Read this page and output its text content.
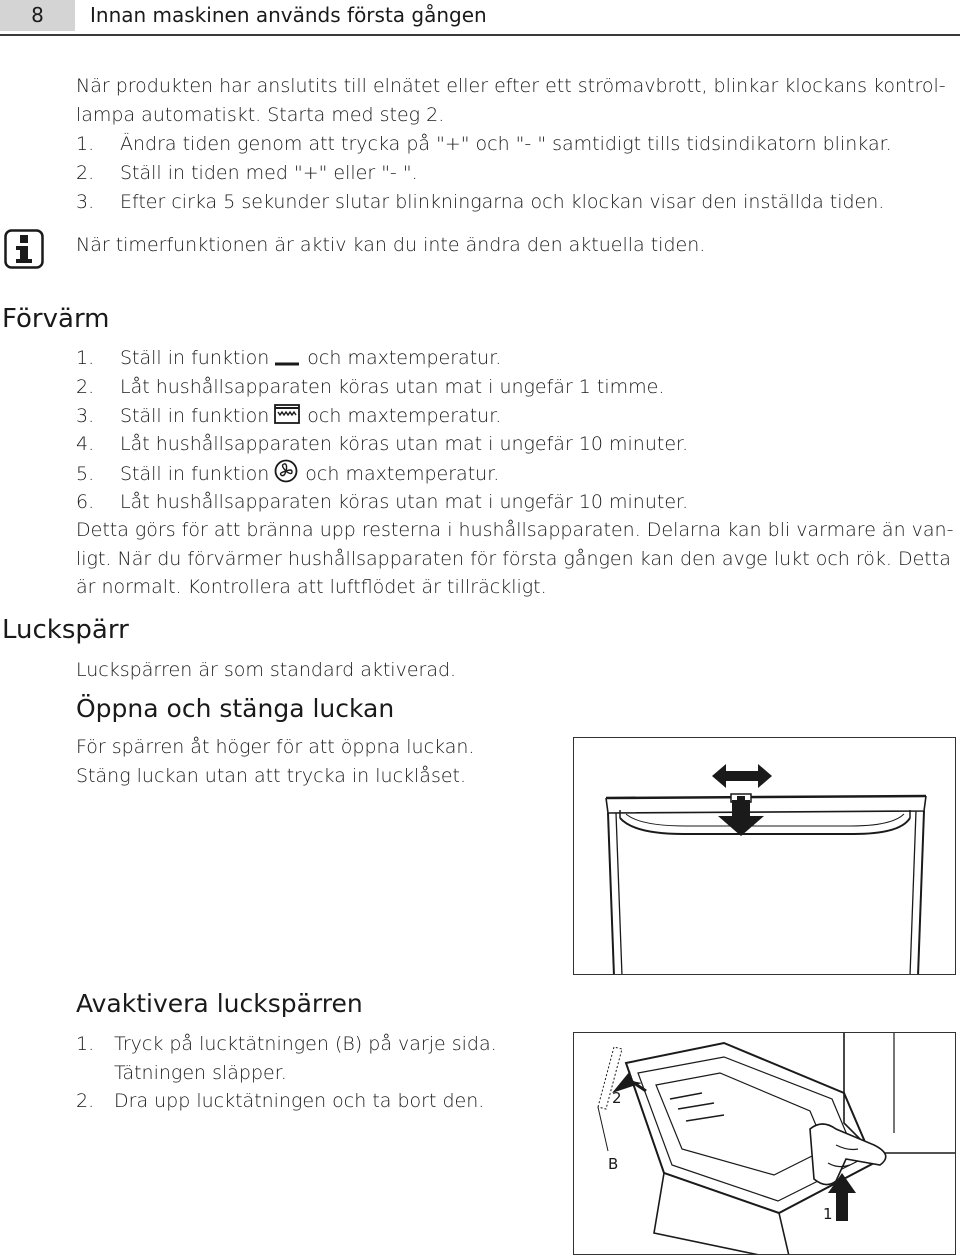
8	Innan maskinen används första gången
När produkten har anslutits till elnätet eller efter ett strömavbrott, blinkar klockans kontrol-
lampa automatiskt. Starta med steg 2.
1. Ändra tiden genom att trycka på "+" och "- " samtidigt tills tidsindikatorn blinkar.
2. Ställ in tiden med "+" eller "- ".
3. Efter cirka 5 sekunder slutar blinkningarna och klockan visar den inställda tiden.
När timerfunktionen är aktiv kan du inte ändra den aktuella tiden.
Förvärm
1. Ställ in funktion och maxtemperatur.
2. Låt hushållsapparaten köras utan mat i ungefär 1 timme.
3. Ställ in funktion och maxtemperatur.
4. Låt hushållsapparaten köras utan mat i ungefär 10 minuter.
5. Ställ in funktion och maxtemperatur.
6. Låt hushållsapparaten köras utan mat i ungefär 10 minuter.
Detta görs för att bränna upp resterna i hushållsapparaten. Delarna kan bli varmare än van-
ligt. När du förvärmer hushållsapparaten för första gången kan den avge lukt och rök. Detta
är normalt. Kontrollera att luftflödet är tillräckligt.
Luckspärr
Luckspärren är som standard aktiverad.
Öppna och stänga luckan
För spärren åt höger för att öppna luckan.
Stäng luckan utan att trycka in lucklåset.
Avaktivera luckspärren
1. Tryck på lucktätningen (B) på varje sida.
Tätningen släpper.
2. Dra upp lucktätningen och ta bort den.	2
B
1
